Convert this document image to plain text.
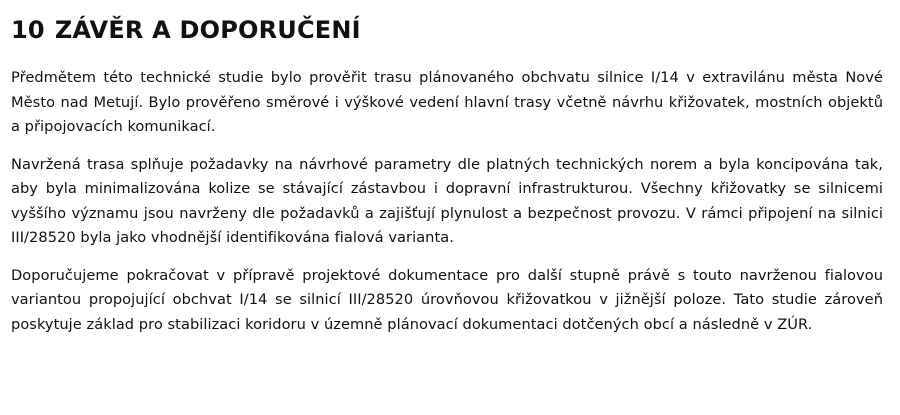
10 ZÁVĚR A DOPORUČENÍ

Předmětem této technické studie bylo prověřit trasu plánovaného obchvatu silnice I/14 v extravilánu města Nové Město nad Metují. Bylo prověřeno směrové i výškové vedení hlavní trasy včetně návrhu křižovatek, mostních objektů a připojovacích komunikací.

Navržená trasa splňuje požadavky na návrhové parametry dle platných technických norem a byla koncipována tak, aby byla minimalizována kolize se stávající zástavbou i dopravní infrastrukturou. Všechny křižovatky se silnicemi vyššího významu jsou navrženy dle požadavků a zajišťují plynulost a bezpečnost provozu. V rámci připojení na silnici III/28520 byla jako vhodnější identifikována fialová varianta.

Doporučujeme pokračovat v přípravě projektové dokumentace pro další stupně právě s touto navrženou fialovou variantou propojující obchvat I/14 se silnicí III/28520 úrovňovou křižovatkou v jižnější poloze. Tato studie zároveň poskytuje základ pro stabilizaci koridoru v územně plánovací dokumentaci dotčených obcí a následně v ZÚR.
